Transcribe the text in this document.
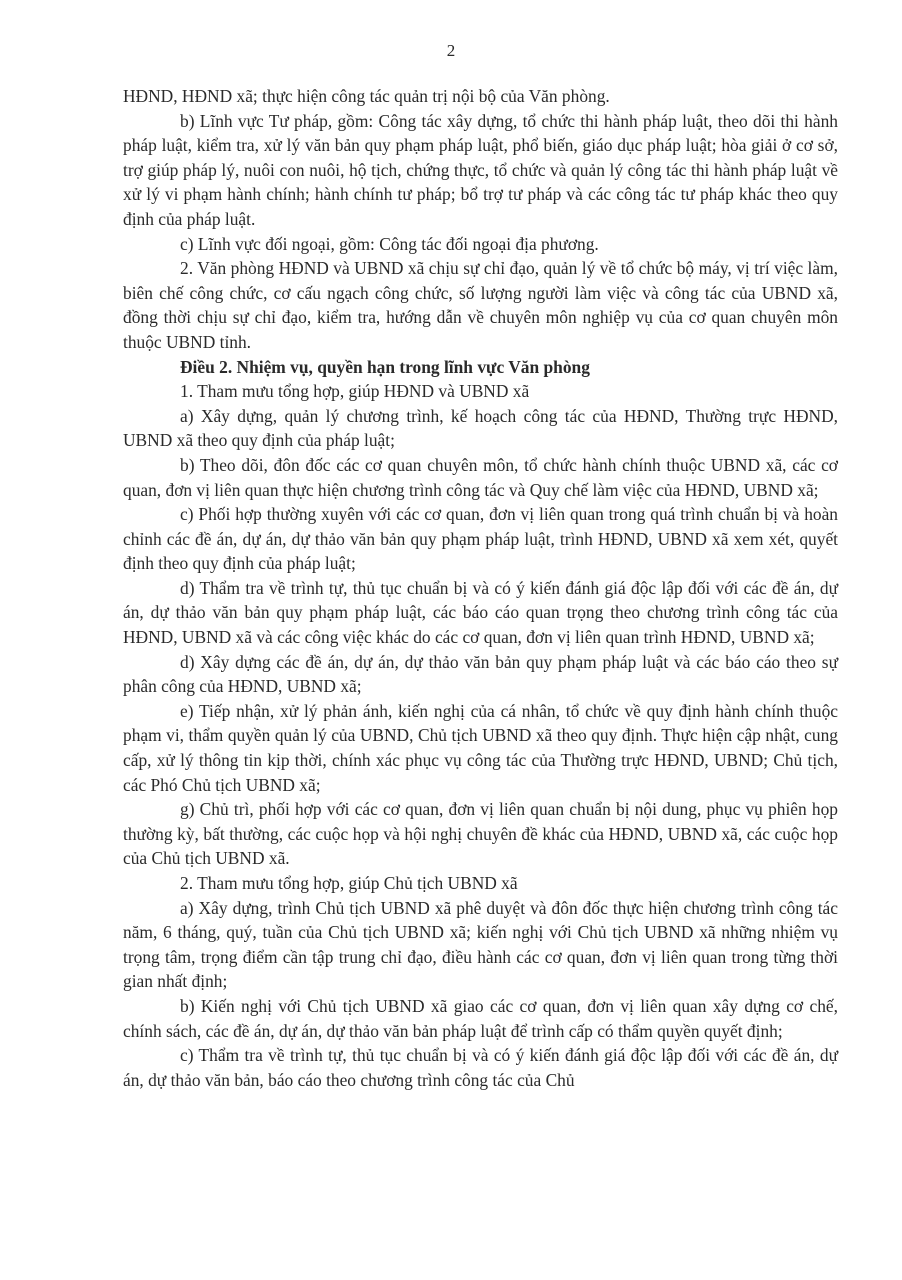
2

HĐND, HĐND xã; thực hiện công tác quản trị nội bộ của Văn phòng.

b) Lĩnh vực Tư pháp, gồm: Công tác xây dựng, tổ chức thi hành pháp luật, theo dõi thi hành pháp luật, kiểm tra, xử lý văn bản quy phạm pháp luật, phổ biến, giáo dục pháp luật; hòa giải ở cơ sở, trợ giúp pháp lý, nuôi con nuôi, hộ tịch, chứng thực, tổ chức và quản lý công tác thi hành pháp luật về xử lý vi phạm hành chính; hành chính tư pháp; bổ trợ tư pháp và các công tác tư pháp khác theo quy định của pháp luật.

c) Lĩnh vực đối ngoại, gồm: Công tác đối ngoại địa phương.

2. Văn phòng HĐND và UBND xã chịu sự chỉ đạo, quản lý về tổ chức bộ máy, vị trí việc làm, biên chế công chức, cơ cấu ngạch công chức, số lượng người làm việc và công tác của UBND xã, đồng thời chịu sự chỉ đạo, kiểm tra, hướng dẫn về chuyên môn nghiệp vụ của cơ quan chuyên môn thuộc UBND tỉnh.

Điều 2. Nhiệm vụ, quyền hạn trong lĩnh vực Văn phòng

1. Tham mưu tổng hợp, giúp HĐND và UBND xã

a) Xây dựng, quản lý chương trình, kế hoạch công tác của HĐND, Thường trực HĐND, UBND xã theo quy định của pháp luật;

b) Theo dõi, đôn đốc các cơ quan chuyên môn, tổ chức hành chính thuộc UBND xã, các cơ quan, đơn vị liên quan thực hiện chương trình công tác và Quy chế làm việc của HĐND, UBND xã;

c) Phối hợp thường xuyên với các cơ quan, đơn vị liên quan trong quá trình chuẩn bị và hoàn chỉnh các đề án, dự án, dự thảo văn bản quy phạm pháp luật, trình HĐND, UBND xã xem xét, quyết định theo quy định của pháp luật;

d) Thẩm tra về trình tự, thủ tục chuẩn bị và có ý kiến đánh giá độc lập đối với các đề án, dự án, dự thảo văn bản quy phạm pháp luật, các báo cáo quan trọng theo chương trình công tác của HĐND, UBND xã và các công việc khác do các cơ quan, đơn vị liên quan trình HĐND, UBND xã;

d) Xây dựng các đề án, dự án, dự thảo văn bản quy phạm pháp luật và các báo cáo theo sự phân công của HĐND, UBND xã;

e) Tiếp nhận, xử lý phản ánh, kiến nghị của cá nhân, tổ chức về quy định hành chính thuộc phạm vi, thẩm quyền quản lý của UBND, Chủ tịch UBND xã theo quy định. Thực hiện cập nhật, cung cấp, xử lý thông tin kịp thời, chính xác phục vụ công tác của Thường trực HĐND, UBND; Chủ tịch, các Phó Chủ tịch UBND xã;

g) Chủ trì, phối hợp với các cơ quan, đơn vị liên quan chuẩn bị nội dung, phục vụ phiên họp thường kỳ, bất thường, các cuộc họp và hội nghị chuyên đề khác của HĐND, UBND xã, các cuộc họp của Chủ tịch UBND xã.

2. Tham mưu tổng hợp, giúp Chủ tịch UBND xã

a) Xây dựng, trình Chủ tịch UBND xã phê duyệt và đôn đốc thực hiện chương trình công tác năm, 6 tháng, quý, tuần của Chủ tịch UBND xã; kiến nghị với Chủ tịch UBND xã những nhiệm vụ trọng tâm, trọng điểm cần tập trung chỉ đạo, điều hành các cơ quan, đơn vị liên quan trong từng thời gian nhất định;

b) Kiến nghị với Chủ tịch UBND xã giao các cơ quan, đơn vị liên quan xây dựng cơ chế, chính sách, các đề án, dự án, dự thảo văn bản pháp luật để trình cấp có thẩm quyền quyết định;

c) Thẩm tra về trình tự, thủ tục chuẩn bị và có ý kiến đánh giá độc lập đối với các đề án, dự án, dự thảo văn bản, báo cáo theo chương trình công tác của Chủ
